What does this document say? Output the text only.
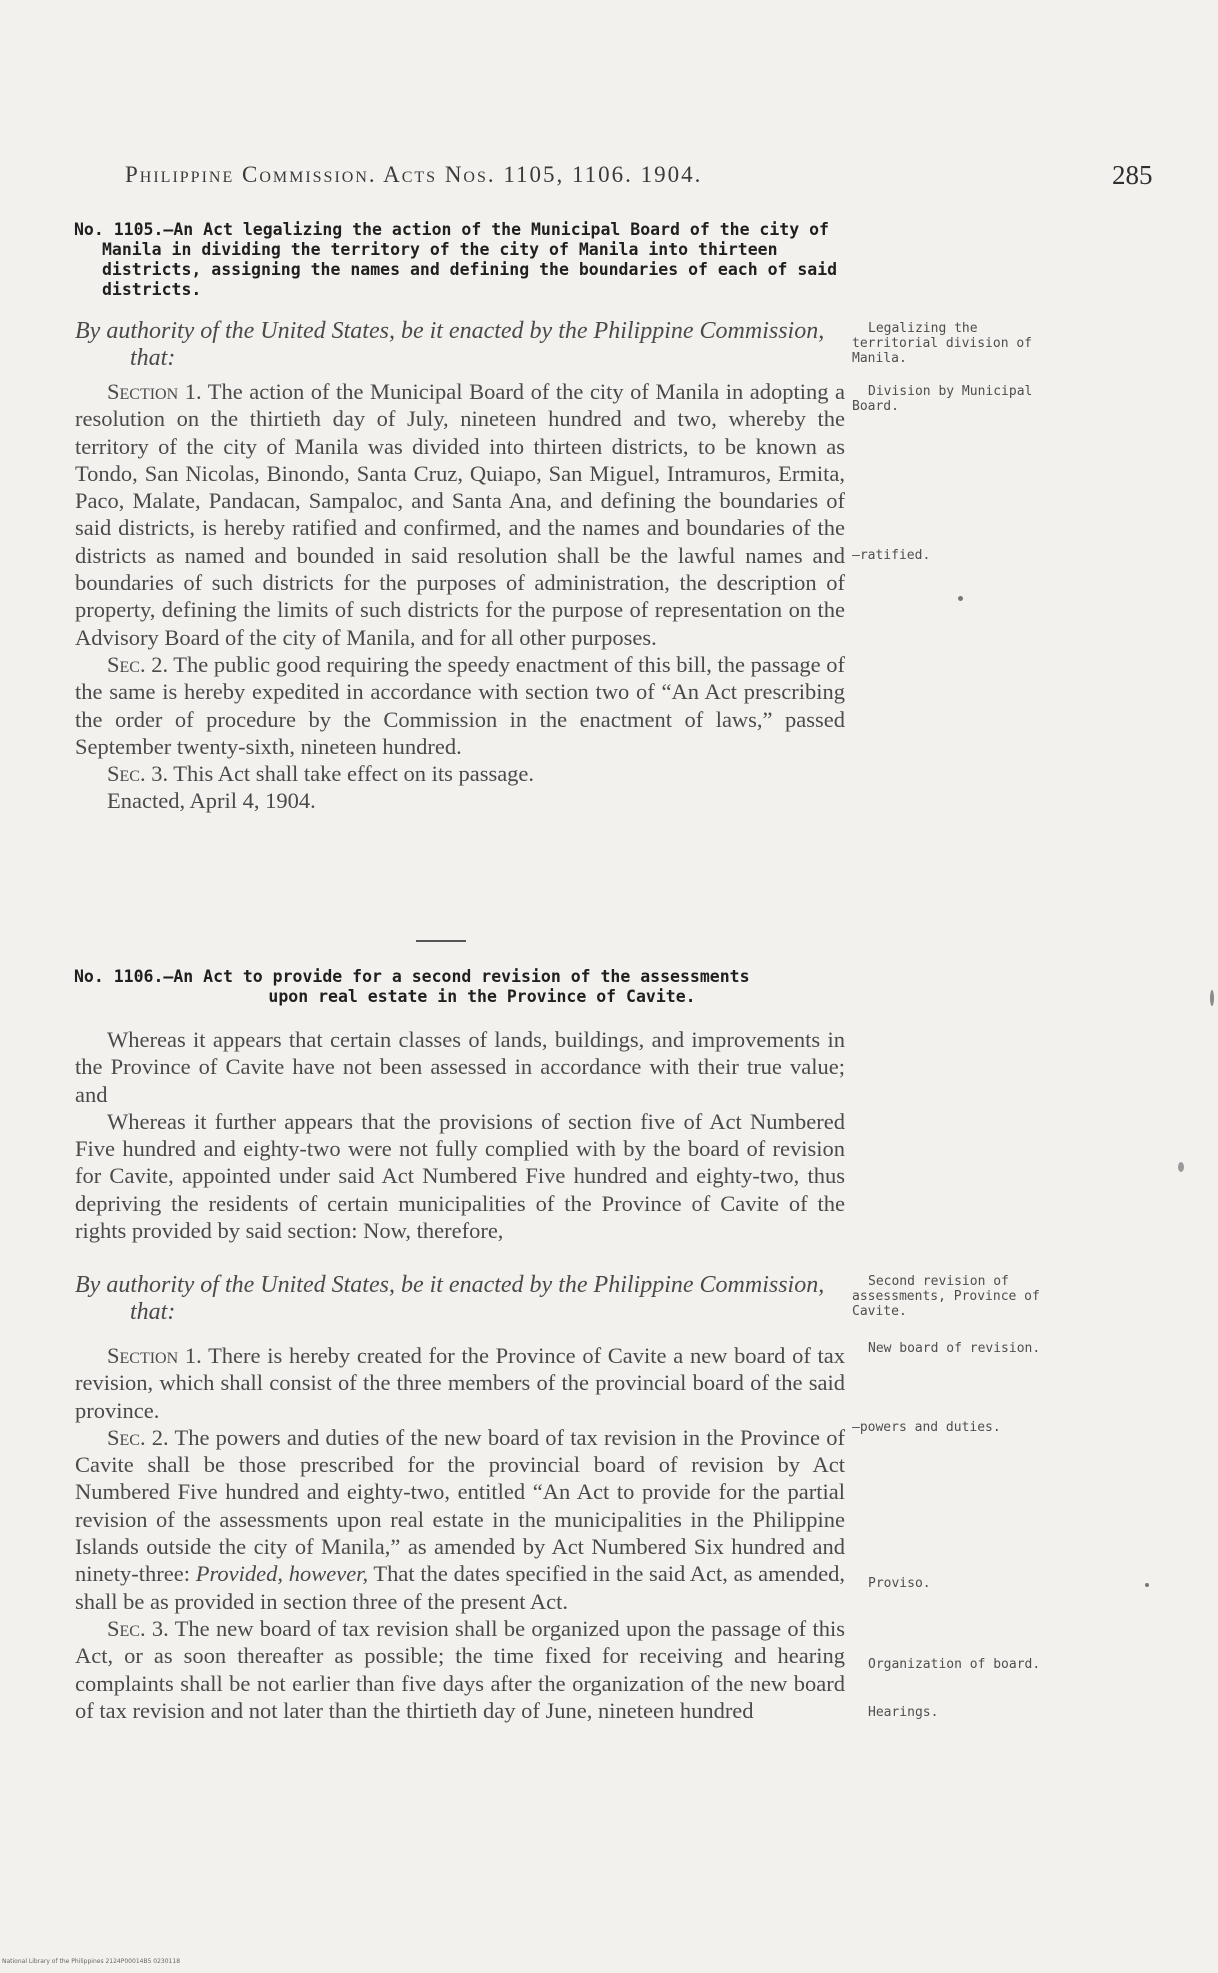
Philippine Commission. Acts Nos. 1105, 1106. 1904.	285
No. 1105.—An Act legalizing the action of the Municipal Board of the city of Manila in dividing the territory of the city of Manila into thirteen districts, assigning the names and defining the boundaries of each of said districts.
By authority of the United States, be it enacted by the Philippine Commission, that:

Section 1. The action of the Municipal Board of the city of Manila in adopting a resolution on the thirtieth day of July, nineteen hundred and two, whereby the territory of the city of Manila was divided into thirteen districts, to be known as Tondo, San Nicolas, Binondo, Santa Cruz, Quiapo, San Miguel, Intramuros, Ermita, Paco, Malate, Pandacan, Sampaloc, and Santa Ana, and defining the boundaries of said districts, is hereby ratified and confirmed, and the names and boundaries of the districts as named and bounded in said resolution shall be the lawful names and boundaries of such districts for the purposes of administration, the description of property, defining the limits of such districts for the purpose of representation on the Advisory Board of the city of Manila, and for all other purposes.

Sec. 2. The public good requiring the speedy enactment of this bill, the passage of the same is hereby expedited in accordance with section two of “An Act prescribing the order of procedure by the Commission in the enactment of laws,” passed September twenty-sixth, nineteen hundred.

Sec. 3. This Act shall take effect on its passage.

Enacted, April 4, 1904.

No. 1106.—An Act to provide for a second revision of the assessments
upon real estate in the Province of Cavite.

Whereas it appears that certain classes of lands, buildings, and improvements in the Province of Cavite have not been assessed in accordance with their true value; and

Whereas it further appears that the provisions of section five of Act Numbered Five hundred and eighty-two were not fully complied with by the board of revision for Cavite, appointed under said Act Numbered Five hundred and eighty-two, thus depriving the residents of certain municipalities of the Province of Cavite of the rights provided by said section: Now, therefore,

By authority of the United States, be it enacted by the Philippine Commission, that:

Section 1. There is hereby created for the Province of Cavite a new board of tax revision, which shall consist of the three members of the provincial board of the said province.

Sec. 2. The powers and duties of the new board of tax revision in the Province of Cavite shall be those prescribed for the provincial board of revision by Act Numbered Five hundred and eighty-two, entitled “An Act to provide for the partial revision of the assessments upon real estate in the municipalities in the Philippine Islands outside the city of Manila,” as amended by Act Numbered Six hundred and ninety-three: Provided, however, That the dates specified in the said Act, as amended, shall be as provided in section three of the present Act.

Sec. 3. The new board of tax revision shall be organized upon the passage of this Act, or as soon thereafter as possible; the time fixed for receiving and hearing complaints shall be not earlier than five days after the organization of the new board of tax revision and not later than the thirtieth day of June, nineteen hundred

Legalizing the territorial division of Manila.
Division by Municipal Board.
—ratified.
Second revision of assessments, Province of Cavite.
New board of revision.
—powers and duties.
Proviso.
Organization of board.
Hearings.
National Library of the Philippines 2124P00014B5 0230118
